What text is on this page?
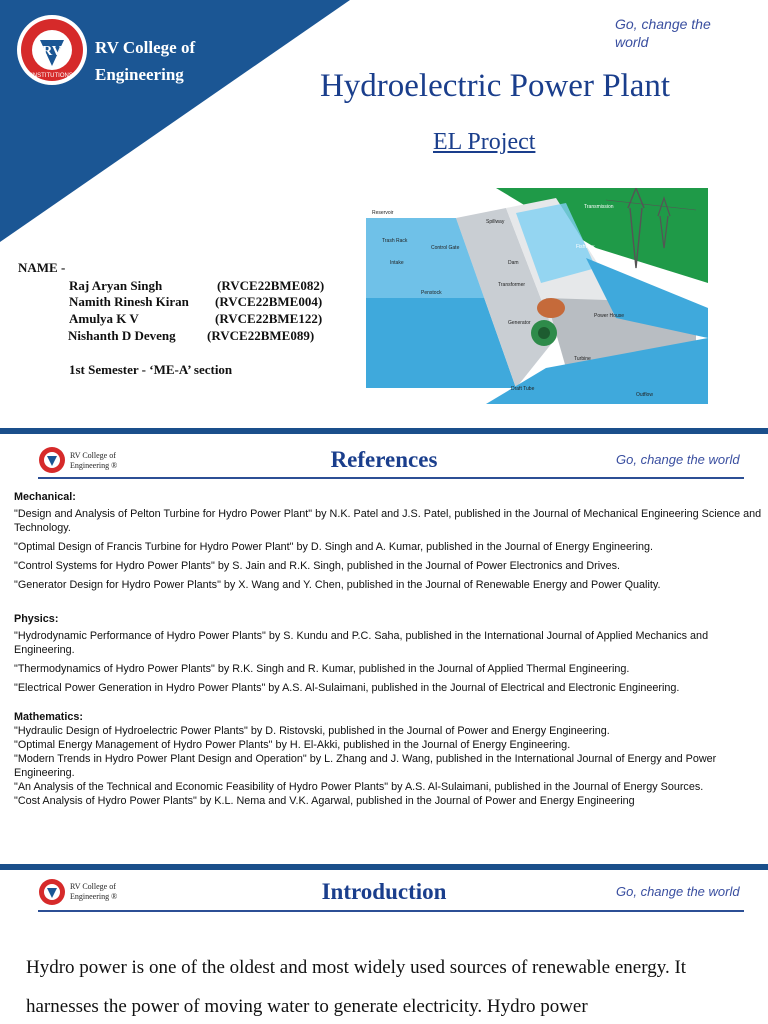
RV
INSTITUTIONS
RV College of
Engineering
Go, change the world
Hydroelectric Power Plant
EL Project
Reservoir
Spillway
Transmission
Trash Rack
Control Gate
Intake	Dam
Fishway
Penstock
Transformer
Generator
Power House
Turbine
Draft Tube
Outflow
NAME -
Raj Aryan Singh	(RVCE22BME082)
Namith Rinesh Kiran (RVCE22BME004)
Amulya K V	(RVCE22BME122)
Nishanth D Deveng (RVCE22BME089)
1st Semester - ‘ME-A’ section
RV College of
Engineering ®	References	Go, change the world

Mechanical:

"Design and Analysis of Pelton Turbine for Hydro Power Plant" by N.K. Patel and J.S. Patel, published in the Journal of Mechanical Engineering Science and Technology.

"Optimal Design of Francis Turbine for Hydro Power Plant" by D. Singh and A. Kumar, published in the Journal of Energy Engineering.

"Control Systems for Hydro Power Plants" by S. Jain and R.K. Singh, published in the Journal of Power Electronics and Drives.

"Generator Design for Hydro Power Plants" by X. Wang and Y. Chen, published in the Journal of Renewable Energy and Power Quality.

Physics:

"Hydrodynamic Performance of Hydro Power Plants" by S. Kundu and P.C. Saha, published in the International Journal of Applied Mechanics and Engineering.

"Thermodynamics of Hydro Power Plants" by R.K. Singh and R. Kumar, published in the Journal of Applied Thermal Engineering.

"Electrical Power Generation in Hydro Power Plants" by A.S. Al-Sulaimani, published in the Journal of Electrical and Electronic Engineering.

Mathematics:

"Hydraulic Design of Hydroelectric Power Plants" by D. Ristovski, published in the Journal of Power and Energy Engineering.

"Optimal Energy Management of Hydro Power Plants" by H. El-Akki, published in the Journal of Energy Engineering.

"Modern Trends in Hydro Power Plant Design and Operation" by L. Zhang and J. Wang, published in the International Journal of Energy and Power Engineering.

"An Analysis of the Technical and Economic Feasibility of Hydro Power Plants" by A.S. Al-Sulaimani, published in the Journal of Energy Sources.

"Cost Analysis of Hydro Power Plants" by K.L. Nema and V.K. Agarwal, published in the Journal of Power and Energy Engineering

RV College of
Engineering ®	Introduction	Go, change the world
Hydro power is one of the oldest and most widely used sources of renewable energy. It harnesses the power of moving water to generate electricity. Hydro power
